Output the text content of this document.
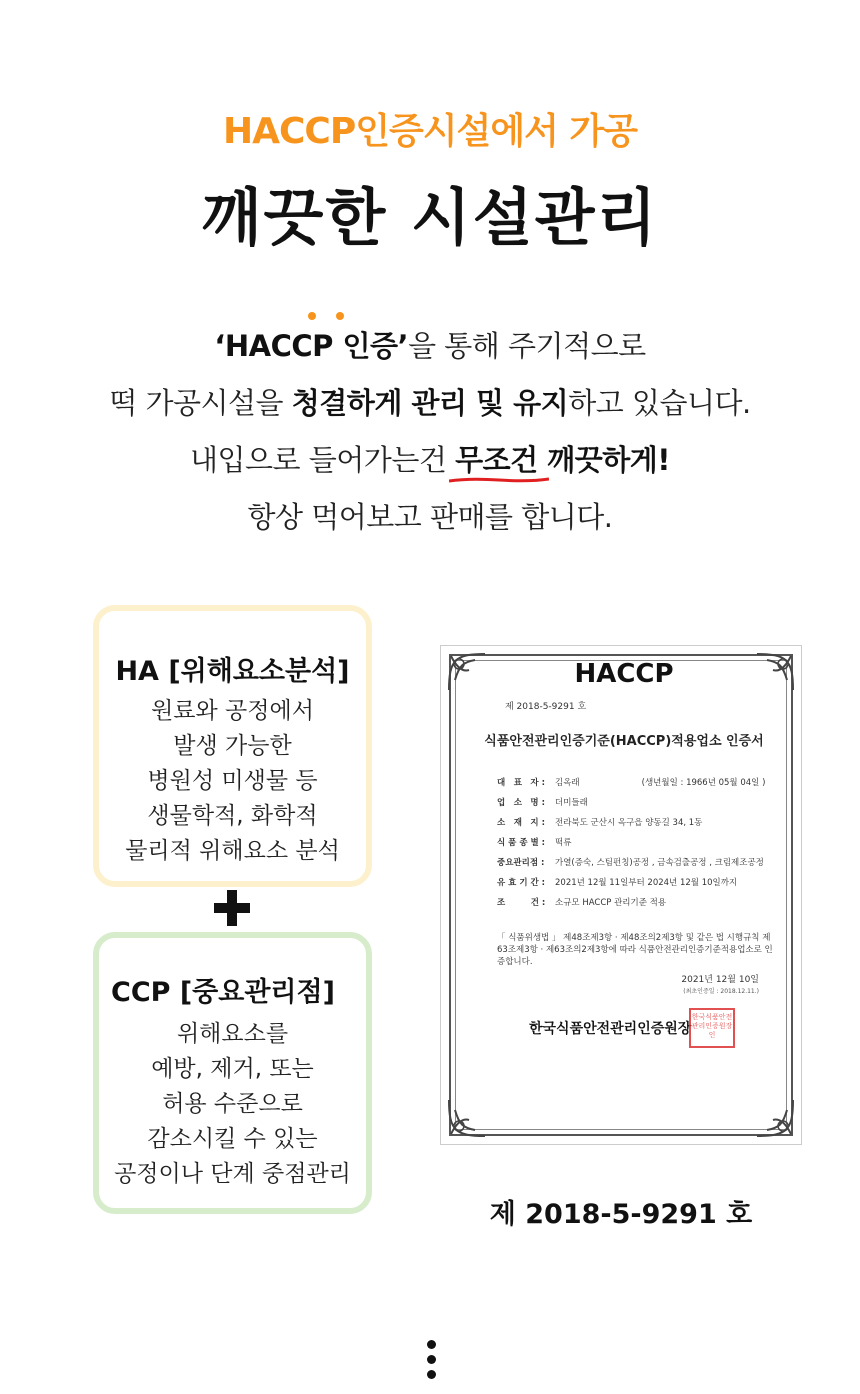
HACCP인증시설에서 가공
깨끗한 시설관리
‘HACCP 인증’
을 통해 주기적으로
떡 가공시설을 청결하게 관리 및 유지하고 있습니다.
내입으로 들어가는건 무조건 깨끗하게!
항상 먹어보고 판매를 합니다.
HA [위해요소분석]
원료와 공정에서
발생 가능한
병원성 미생물 등
생물학적, 화학적
물리적 위해요소 분석
CCP [중요관리점]
위해요소를
예방, 제거, 또는
허용 수준으로
감소시킬 수 있는
공정이나 단계 중점관리
HACCP
제 2018-5-9291 호
식품안전관리인증기준(HACCP)적용업소 인증서
대　표　자 : 김옥래	(생년월일 : 1966년 05월 04일 )
업　소　명 : 더미들래
소　재　지 : 전라북도 군산시 옥구읍 양동길 34, 1동
식 품 종 별 : 떡류
중요관리점 : 가열(증숙, 스팀펀칭)공정 , 금속검출공정 , 크림제조공정
유 효 기 간 : 2021년 12월 11일부터 2024년 12월 10일까지
조　　　건 : 소규모 HACCP 관리기준 적용
「 식품위생법 」 제48조제3항 · 제48조의2제3항 및 같은 법 시행규칙 제63조제3항 · 제63조의2제3항에 따라 식품안전관리인증기준적용업소로 인증합니다.
2021년 12월 10일
(최초인증일 : 2018.12.11.)
한국식품안전관리인증원장
한국식품안전관리인증원장인
제 2018-5-9291 호
